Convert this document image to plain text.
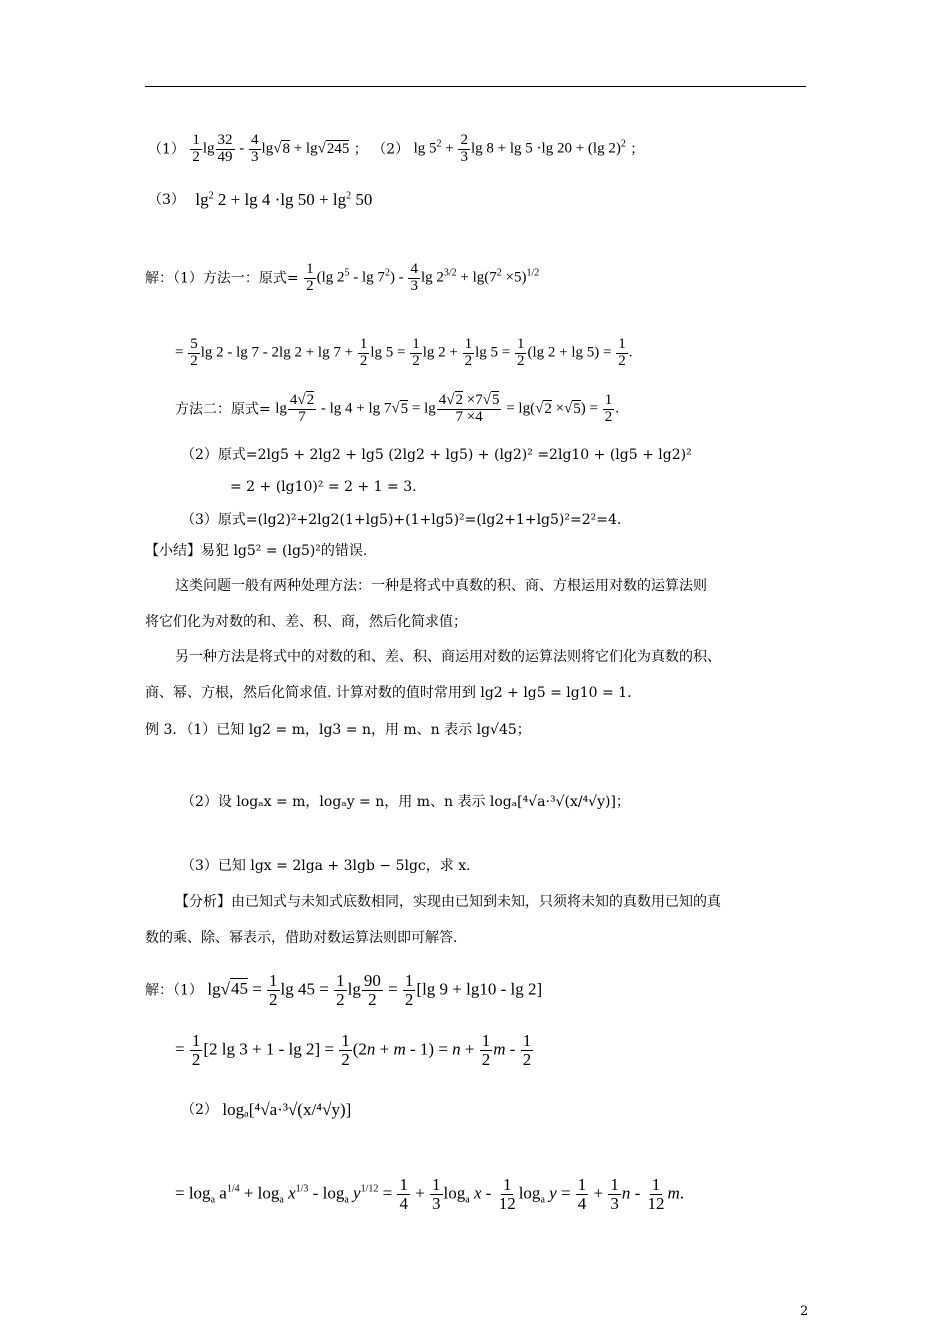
$(1) \frac{1}{2}$ $\lg \frac{32}{49} - \frac{4}{3} \lg√8 + \lg√245$ ； （2） $\lg 5^2 + \frac{2}{3}$ lg 8 + lg 5 ·lg 20 + (lg 2)$^2$ ；
（3） $\lg^2 2 + \lg 4 \cdot\lg$ $50 + \lg^2 50$
解：（1）方法一：原式= $\frac{1}{2} (\lg$ $2^5$ - $\lg 7^2) - \frac{4}{3}$ $\lg 2^{3/2} + \lg(7^2 \times 5)^{1/2}$
= $\frac{5}{2}$ lg 2 - lg 7 - 2lg $2 + \lg 7 + \frac{1}{2}$ $\lg 5 = \frac{1}{2}$ $\lg 2 + \frac{1}{2}$ $\lg 5 = \frac{1}{2} (\lg$ $2 + \lg 5) = \frac{1}{2}$ .
方法二：原式= $\lg \frac{4√2}{7} - \lg 4 + \lg 7√5 = \lg \frac{4√2 \times 7√5}{7 \times 4} = \lg(√2 \times√5) = \frac{1}{2}$ .
（2）原式=2lg5 + 2lg2 + lg5 (2lg2 + lg5) + (lg2)² =2lg10 + (lg5 + lg2)²
= 2 + (lg10)² = 2 + 1 = 3.
（3）原式=(lg2)²+2lg2(1+lg5)+(1+lg5)²=(lg2+1+lg5)²=2²=4.
【小结】易犯 lg5² = (lg5)²的错误.
这类问题一般有两种处理方法：一种是将式中真数的积、商、方根运用对数的运算法则
将它们化为对数的和、差、积、商，然后化简求值；
另一种方法是将式中的对数的和、差、积、商运用对数的运算法则将它们化为真数的积、
商、幂、方根，然后化简求值. 计算对数的值时常用到 lg2 + lg5 = lg10 = 1.
例 3．（1）已知 lg2 = m，lg3 = n，用 m、n 表示 lg√45；
（2）设 logₐx = m，logₐy = n，用 m、n 表示 logₐ[⁴√a·³√(x/⁴√y)]；
（3）已知 lgx = 2lga + 3lgb − 5lgc，求 x.
【分析】由已知式与未知式底数相同，实现由已知到未知，只须将未知的真数用已知的真
数的乘、除、幂表示，借助对数运算法则即可解答.
解：（1） $\lg√45 = \frac{1}{2}$ $\lg 45 = \frac{1}{2}$ $\lg \frac{90}{2} = \frac{1}{2} [\lg$ 9 + lg10 - lg 2]
= $\frac{1}{2} [2$ $\lg 3 + 1 - \lg 2] = \frac{1}{2} (2n + m - 1) = n + \frac{1}{2}$ m - $\frac{1}{2}$
（2） logₐ[⁴√a·³√(x/⁴√y)]
= $\log_a a^{1/4} + \log_a x^{1/3} - \log_a y^{1/12} = \frac{1}{4} + \frac{1}{3} \log_a x - \frac{1}{12} \log_a y = \frac{1}{4} + \frac{1}{3}$ n - $\frac{1}{12} m$.
2
